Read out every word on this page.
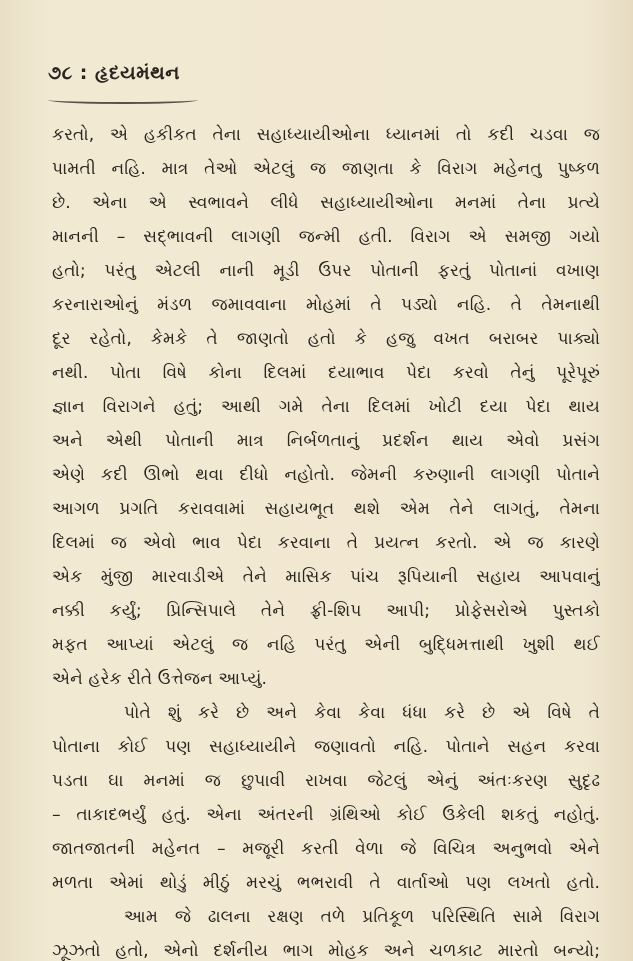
૭૮ : હૃદયમંથન
કરતો, એ હકીકત તેના સહાધ્યાયીઓના ધ્યાનમાં તો કદી ચડવા જ
પામતી નહિ. માત્ર તેઓ એટલું જ જાણતા કે વિરાગ મહેનતુ પુષ્કળ
છે. એના એ સ્વભાવને લીધે સહાધ્યાયીઓના મનમાં તેના પ્રત્યે
માનની – સદ્ભાવની લાગણી જન્મી હતી. વિરાગ એ સમજી ગયો
હતો; પરંતુ એટલી નાની મૂડી ઉપર પોતાની ફરતું પોતાનાં વખાણ
કરનારાઓનું મંડળ જમાવવાના મોહમાં તે પડ્યો નહિ. તે તેમનાથી
દૂર રહેતો, કેમકે તે જાણતો હતો કે હજુ વખત બરાબર પાક્યો
નથી. પોતા વિષે કોના દિલમાં દયાભાવ પેદા કરવો તેનું પૂરેપૂરું
જ્ઞાન વિરાગને હતું; આથી ગમે તેના દિલમાં ખોટી દયા પેદા થાય
અને એથી પોતાની માત્ર નિર્બળતાનું પ્રદર્શન થાય એવો પ્રસંગ
એણે કદી ઊભો થવા દીધો નહોતો. જેમની કરુણાની લાગણી પોતાને
આગળ પ્રગતિ કરાવવામાં સહાયભૂત થશે એમ તેને લાગતું, તેમના
દિલમાં જ એવો ભાવ પેદા કરવાના તે પ્રયત્ન કરતો. એ જ કારણે
એક મુંજી મારવાડીએ તેને માસિક પાંચ રૂપિયાની સહાય આપવાનું
નક્કી કર્યું; પ્રિન્સિપાલે તેને ફ્રી-શિપ આપી; પ્રોફેસરોએ પુસ્તકો
મફત આપ્યાં એટલું જ નહિ પરંતુ એની બુદ્ધિમત્તાથી ખુશી થઈ
એને હરેક રીતે ઉત્તેજન આપ્યું.
પોતે શું કરે છે અને કેવા કેવા ધંધા કરે છે એ વિષે તે
પોતાના કોઈ પણ સહાધ્યાયીને જણાવતો નહિ. પોતાને સહન કરવા
પડતા ઘા મનમાં જ છુપાવી રાખવા જેટલું એનું અંતઃકરણ સુદૃઢ
– તાકાદભર્યું હતું. એના અંતરની ગ્રંથિઓ કોઈ ઉકેલી શકતું નહોતું.
જાતજાતની મહેનત – મજૂરી કરતી વેળા જે વિચિત્ર અનુભવો એને
મળતા એમાં થોડું મીઠું મરચું ભભરાવી તે વાર્તાઓ પણ લખતો હતો.
આમ જે ઢાલના રક્ષણ તળે પ્રતિકૂળ પરિસ્થિતિ સામે વિરાગ
ઝૂઝતો હતો, એનો દર્શનીય ભાગ મોહક અને ચળકાટ મારતો બન્યો;
